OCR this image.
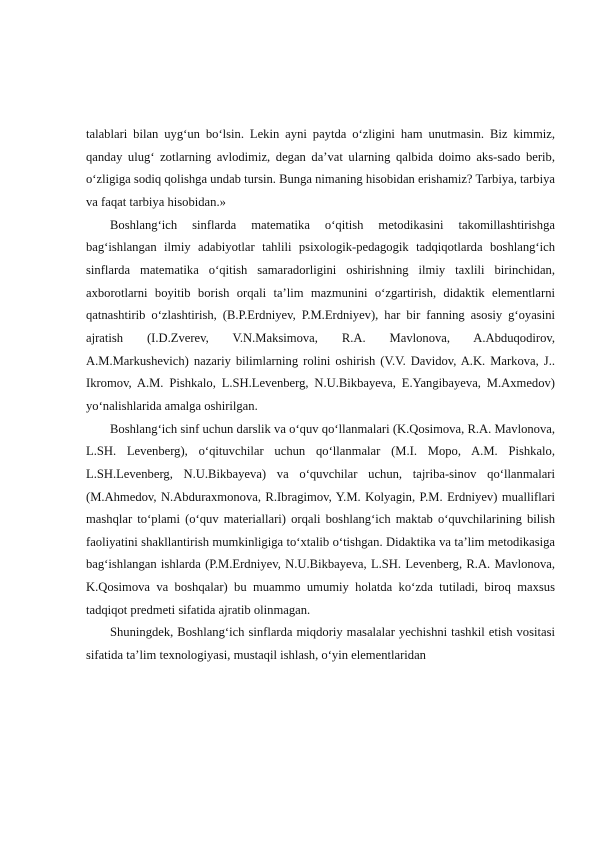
talablari bilan uyg‘un bo‘lsin. Lekin ayni paytda o‘zligini ham unutmasin. Biz kimmiz, qanday ulug‘ zotlarning avlodimiz, degan da’vat ularning qalbida doimo aks-sado berib, o‘zligiga sodiq qolishga undab tursin. Bunga nimaning hisobidan erishamiz? Tarbiya, tarbiya va faqat tarbiya hisobidan.»

Boshlang‘ich sinflarda matematika o‘qitish metodikasini takomillashtirishga bag‘ishlangan ilmiy adabiyotlar tahlili psixologik-pedagogik tadqiqotlarda boshlang‘ich sinflarda matematika o‘qitish samaradorligini oshirishning ilmiy taxlili birinchidan, axborotlarni boyitib borish orqali ta’lim mazmunini o‘zgartirish, didaktik elementlarni qatnashtirib o‘zlashtirish, (B.P.Erdniyev, P.M.Erdniyev), har bir fanning asosiy g‘oyasini ajratish (I.D.Zverev, V.N.Maksimova, R.A. Mavlonova, A.Abduqodirov, A.M.Markushevich) nazariy bilimlarning rolini oshirish (V.V. Davidov, A.K. Markova, J.. Ikromov, A.M. Pishkalo, L.SH.Levenberg, N.U.Bikbayeva, E.Yangibayeva, M.Axmedov) yo‘nalishlarida amalga oshirilgan.

Boshlang‘ich sinf uchun darslik va o‘quv qo‘llanmalari (K.Qosimova, R.A. Mavlonova, L.SH. Levenberg), o‘qituvchilar uchun qo‘llanmalar (M.I. Mopo, A.M. Pishkalo, L.SH.Levenberg, N.U.Bikbayeva) va o‘quvchilar uchun, tajriba-sinov qo‘llanmalari (M.Ahmedov, N.Abduraxmonova, R.Ibragimov, Y.M. Kolyagin, P.M. Erdniyev) mualliflari mashqlar to‘plami (o‘quv materiallari) orqali boshlang‘ich maktab o‘quvchilarining bilish faoliyatini shakllantirish mumkinligiga to‘xtalib o‘tishgan. Didaktika va ta’lim metodikasiga bag‘ishlangan ishlarda (P.M.Erdniyev, N.U.Bikbayeva, L.SH. Levenberg, R.A. Mavlonova, K.Qosimova va boshqalar) bu muammo umumiy holatda ko‘zda tutiladi, biroq maxsus tadqiqot predmeti sifatida ajratib olinmagan.

Shuningdek, Boshlang‘ich sinflarda miqdoriy masalalar yechishni tashkil etish vositasi sifatida ta’lim texnologiyasi, mustaqil ishlash, o‘yin elementlaridan
